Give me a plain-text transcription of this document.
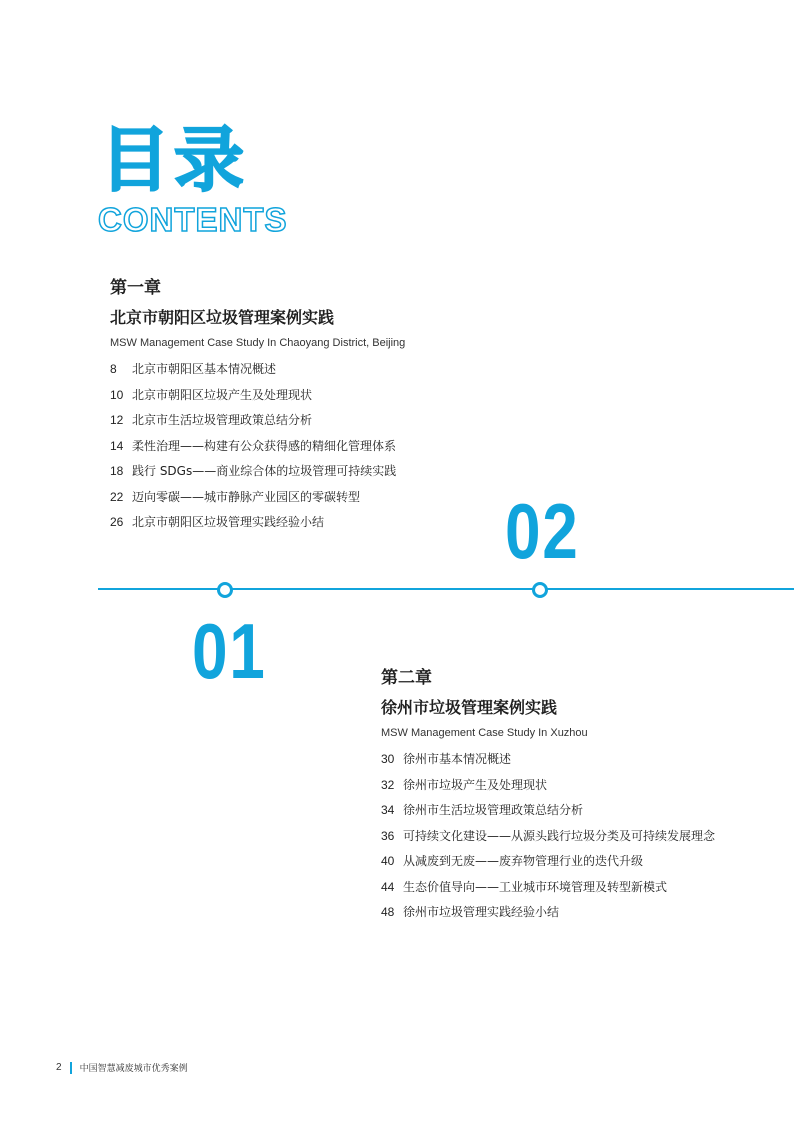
目录
CONTENTS
第一章
北京市朝阳区垃圾管理案例实践
MSW Management Case Study In Chaoyang District, Beijing
8	北京市朝阳区基本情况概述
10 北京市朝阳区垃圾产生及处理现状
12 北京市生活垃圾管理政策总结分析
14 柔性治理——构建有公众获得感的精细化管理体系
18 践行 SDGs——商业综合体的垃圾管理可持续实践
22 迈向零碳——城市静脉产业园区的零碳转型
26 北京市朝阳区垃圾管理实践经验小结 02
01	第二章
徐州市垃圾管理案例实践
MSW Management Case Study In Xuzhou
30 徐州市基本情况概述
32 徐州市垃圾产生及处理现状
34 徐州市生活垃圾管理政策总结分析
36 可持续文化建设——从源头践行垃圾分类及可持续发展理念
40 从减废到无废——废弃物管理行业的迭代升级
44 生态价值导向——工业城市环境管理及转型新模式
48 徐州市垃圾管理实践经验小结
2 中国智慧减废城市优秀案例
